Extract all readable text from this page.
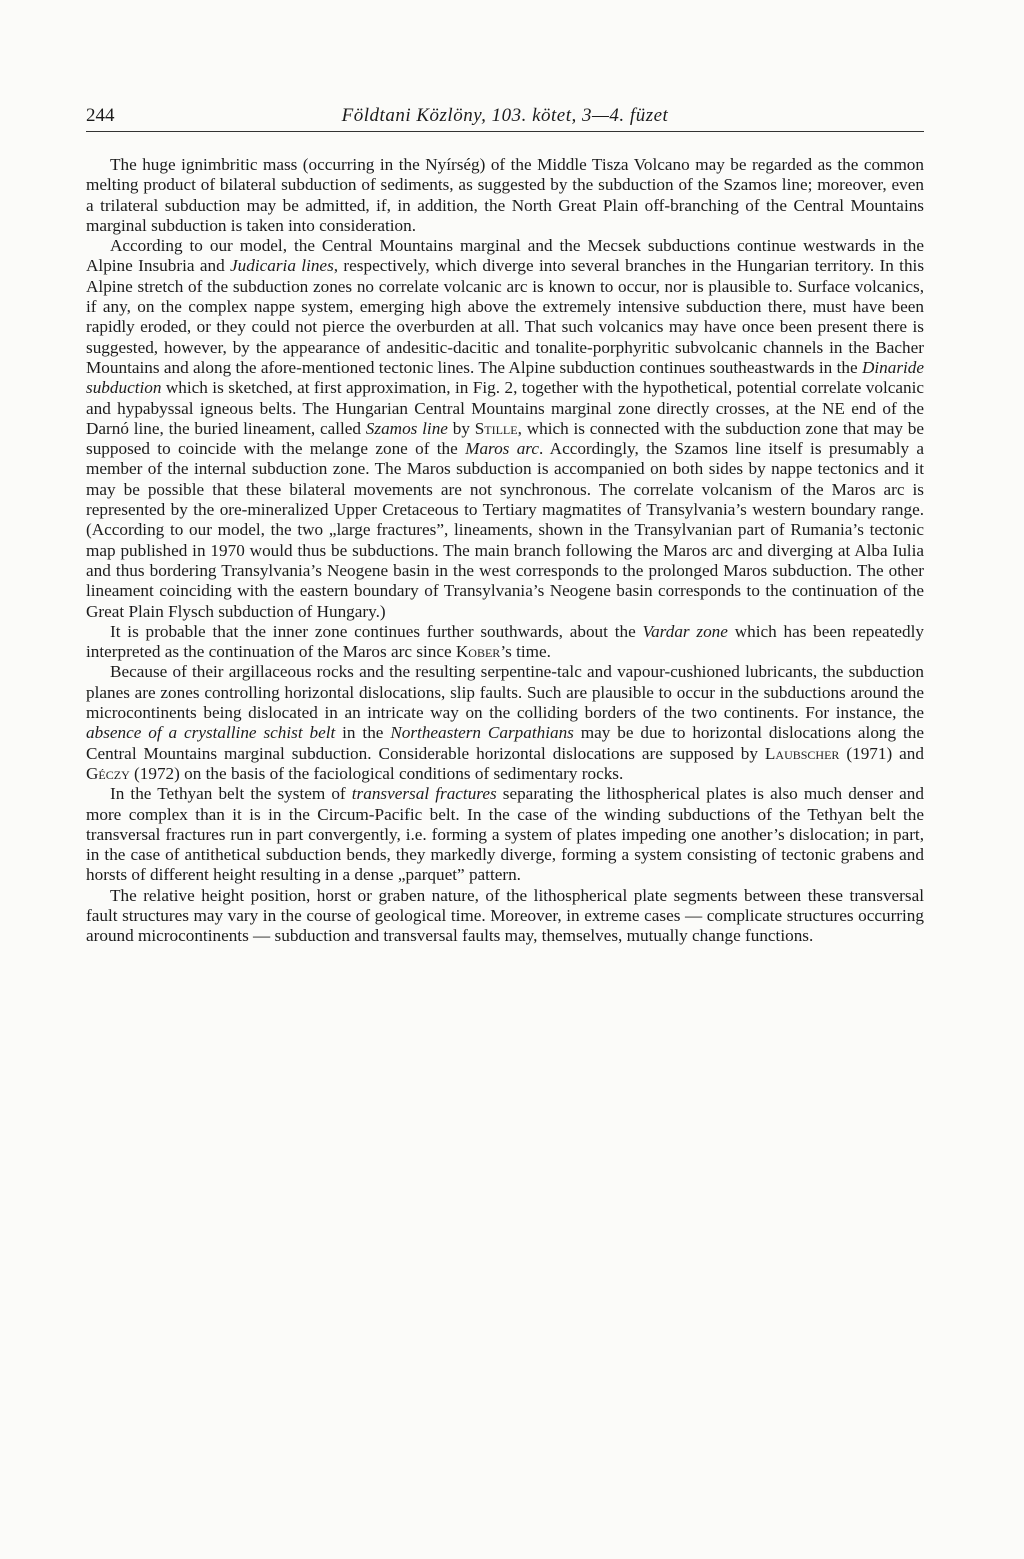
244	Földtani Közlöny, 103. kötet, 3—4. füzet

The huge ignimbritic mass (occurring in the Nyírség) of the Middle Tisza Volcano may be regarded as the common melting product of bilateral subduction of sediments, as suggested by the subduction of the Szamos line; moreover, even a trilateral subduction may be admitted, if, in addition, the North Great Plain off-branching of the Central Mountains marginal subduction is taken into consideration.

According to our model, the Central Mountains marginal and the Mecsek subductions continue westwards in the Alpine Insubria and Judicaria lines, respectively, which diverge into several branches in the Hungarian territory. In this Alpine stretch of the subduction zones no correlate volcanic arc is known to occur, nor is plausible to. Surface volcanics, if any, on the complex nappe system, emerging high above the extremely intensive subduction there, must have been rapidly eroded, or they could not pierce the overburden at all. That such volcanics may have once been present there is suggested, however, by the appearance of andesitic-dacitic and tonalite-porphyritic subvolcanic channels in the Bacher Mountains and along the afore-mentioned tectonic lines. The Alpine subduction continues southeastwards in the Dinaride subduction which is sketched, at first approximation, in Fig. 2, together with the hypothetical, potential correlate volcanic and hypabyssal igneous belts. The Hungarian Central Mountains marginal zone directly crosses, at the NE end of the Darnó line, the buried lineament, called Szamos line by Stille, which is connected with the subduction zone that may be supposed to coincide with the melange zone of the Maros arc. Accordingly, the Szamos line itself is presumably a member of the internal subduction zone. The Maros subduction is accompanied on both sides by nappe tectonics and it may be possible that these bilateral movements are not synchronous. The correlate volcanism of the Maros arc is represented by the ore-mineralized Upper Cretaceous to Tertiary magmatites of Transylvania’s western boundary range. (According to our model, the two „large fractures”, lineaments, shown in the Transylvanian part of Rumania’s tectonic map published in 1970 would thus be subductions. The main branch following the Maros arc and diverging at Alba Iulia and thus bordering Transylvania’s Neogene basin in the west corresponds to the prolonged Maros subduction. The other lineament coinciding with the eastern boundary of Transylvania’s Neogene basin corresponds to the continuation of the Great Plain Flysch subduction of Hungary.)

It is probable that the inner zone continues further southwards, about the Vardar zone which has been repeatedly interpreted as the continuation of the Maros arc since Kober’s time.

Because of their argillaceous rocks and the resulting serpentine-talc and vapour-cushioned lubricants, the subduction planes are zones controlling horizontal dislocations, slip faults. Such are plausible to occur in the subductions around the microcontinents being dislocated in an intricate way on the colliding borders of the two continents. For instance, the absence of a crystalline schist belt in the Northeastern Carpathians may be due to horizontal dislocations along the Central Mountains marginal subduction. Considerable horizontal dislocations are supposed by Laubscher (1971) and Géczy (1972) on the basis of the faciological conditions of sedimentary rocks.

In the Tethyan belt the system of transversal fractures separating the lithospherical plates is also much denser and more complex than it is in the Circum-Pacific belt. In the case of the winding subductions of the Tethyan belt the transversal fractures run in part convergently, i.e. forming a system of plates impeding one another’s dislocation; in part, in the case of antithetical subduction bends, they markedly diverge, forming a system consisting of tectonic grabens and horsts of different height resulting in a dense „parquet” pattern.

The relative height position, horst or graben nature, of the lithospherical plate segments between these transversal fault structures may vary in the course of geological time. Moreover, in extreme cases — complicate structures occurring around microcontinents — subduction and transversal faults may, themselves, mutually change functions.
